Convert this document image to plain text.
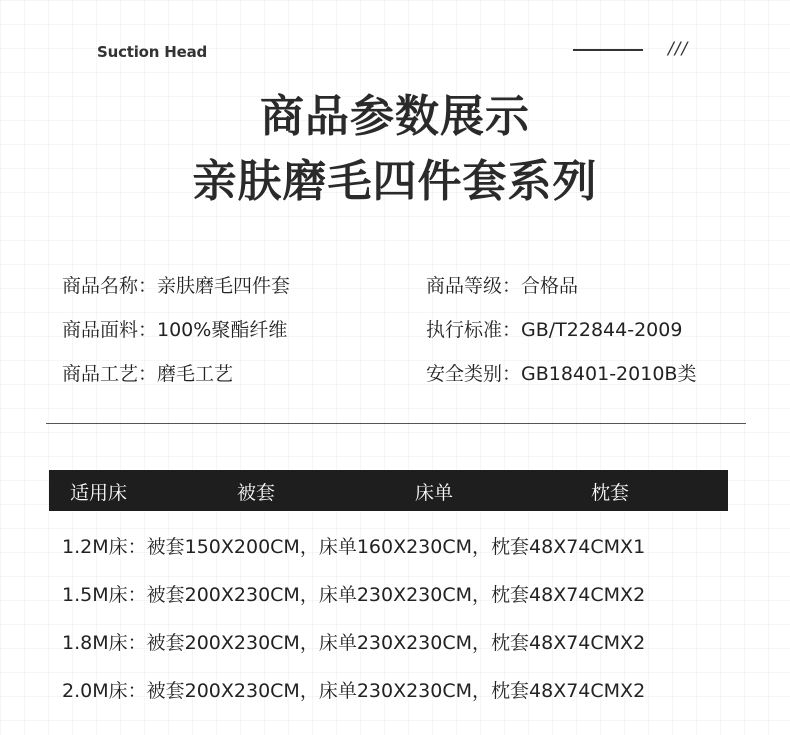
Suction Head	///
商品参数展示
亲肤磨毛四件套系列
商品名称：亲肤磨毛四件套	商品等级：合格品
商品面料：100%聚酯纤维	执行标准：GB/T22844-2009
商品工艺：磨毛工艺	安全类别：GB18401-2010B类
适用床	被套	床单	枕套
1.2M床：被套150X200CM，床单160X230CM，枕套48X74CMX1
1.5M床：被套200X230CM，床单230X230CM，枕套48X74CMX2
1.8M床：被套200X230CM，床单230X230CM，枕套48X74CMX2
2.0M床：被套200X230CM，床单230X230CM，枕套48X74CMX2
